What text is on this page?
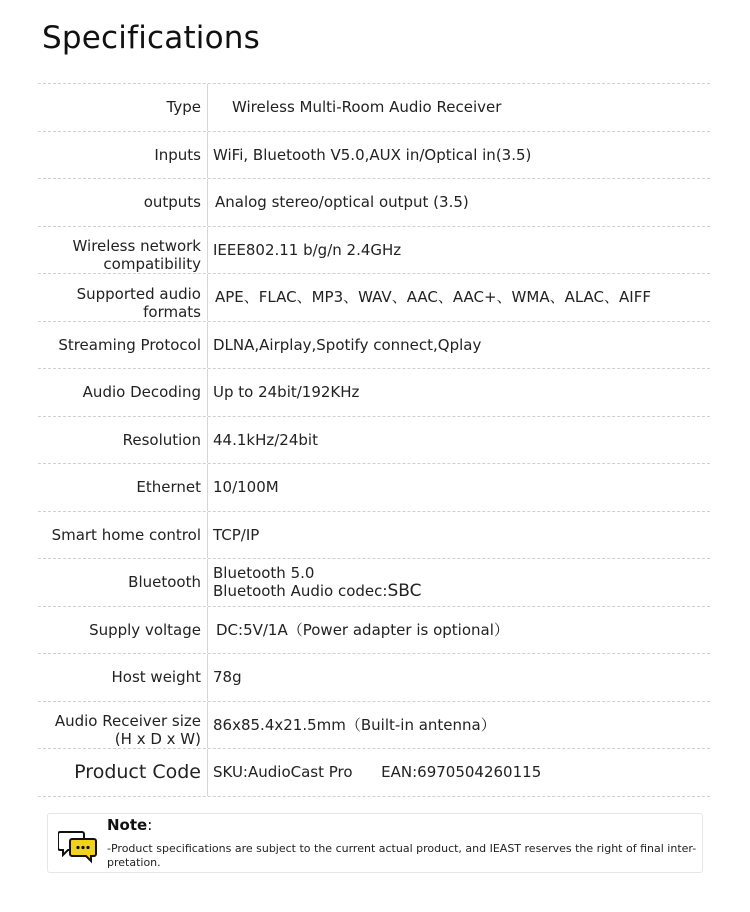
Specifications
Type	Wireless Multi-Room Audio Receiver
Inputs WiFi, Bluetooth V5.0,AUX in/Optical in(3.5)
outputs Analog stereo/optical output (3.5)
Wireless network
compatibility
IEEE802.11 b/g/n 2.4GHz
Supported audio
formats
APE、FLAC、MP3、WAV、AAC、AAC+、WMA、ALAC、AIFF
Streaming Protocol DLNA,Airplay,Spotify connect,Qplay
Audio Decoding Up to 24bit/192KHz
Resolution 44.1kHz/24bit
Ethernet 10/100M
Smart home control TCP/IP
Bluetooth Bluetooth 5.0
Bluetooth Audio codec:SBC
Supply voltage	DC:5V/1A（Power adapter is optional）
Host weight 78g
Audio Receiver size
(H x D x W)
86x85.4x21.5mm（Built-in antenna）
Product Code SKU:AudioCast Pro      EAN:6970504260115
Note:
-Product specifications are subject to the current actual product, and IEAST reserves the right of final inter-pretation.
